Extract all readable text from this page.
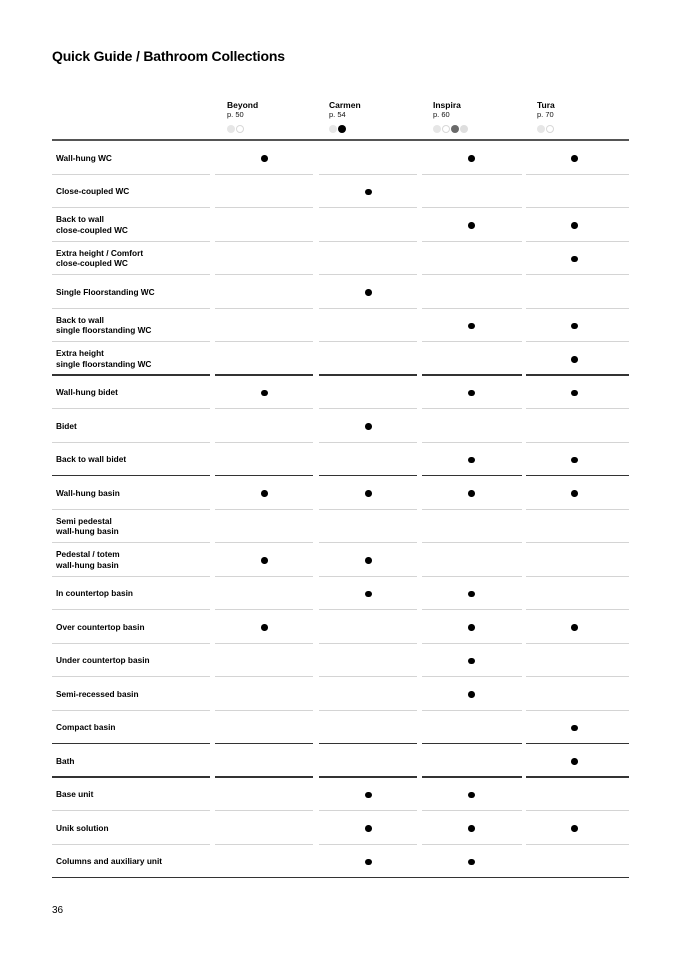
Quick Guide / Bathroom Collections
Beyond
p. 50
Carmen
p. 54
Inspira
p. 60
Tura
p. 70
Wall-hung WC
Close-coupled WC
Back to wall
close-coupled WC
Extra height / Comfort
close-coupled WC
Single Floorstanding WC
Back to wall
single floorstanding WC
Extra height
single floorstanding WC
Wall-hung bidet
Bidet
Back to wall bidet
Wall-hung basin
Semi pedestal
wall-hung basin
Pedestal / totem
wall-hung basin
In countertop basin
Over countertop basin
Under countertop basin
Semi-recessed basin
Compact basin
Bath
Base unit
Unik solution
Columns and auxiliary unit
36
